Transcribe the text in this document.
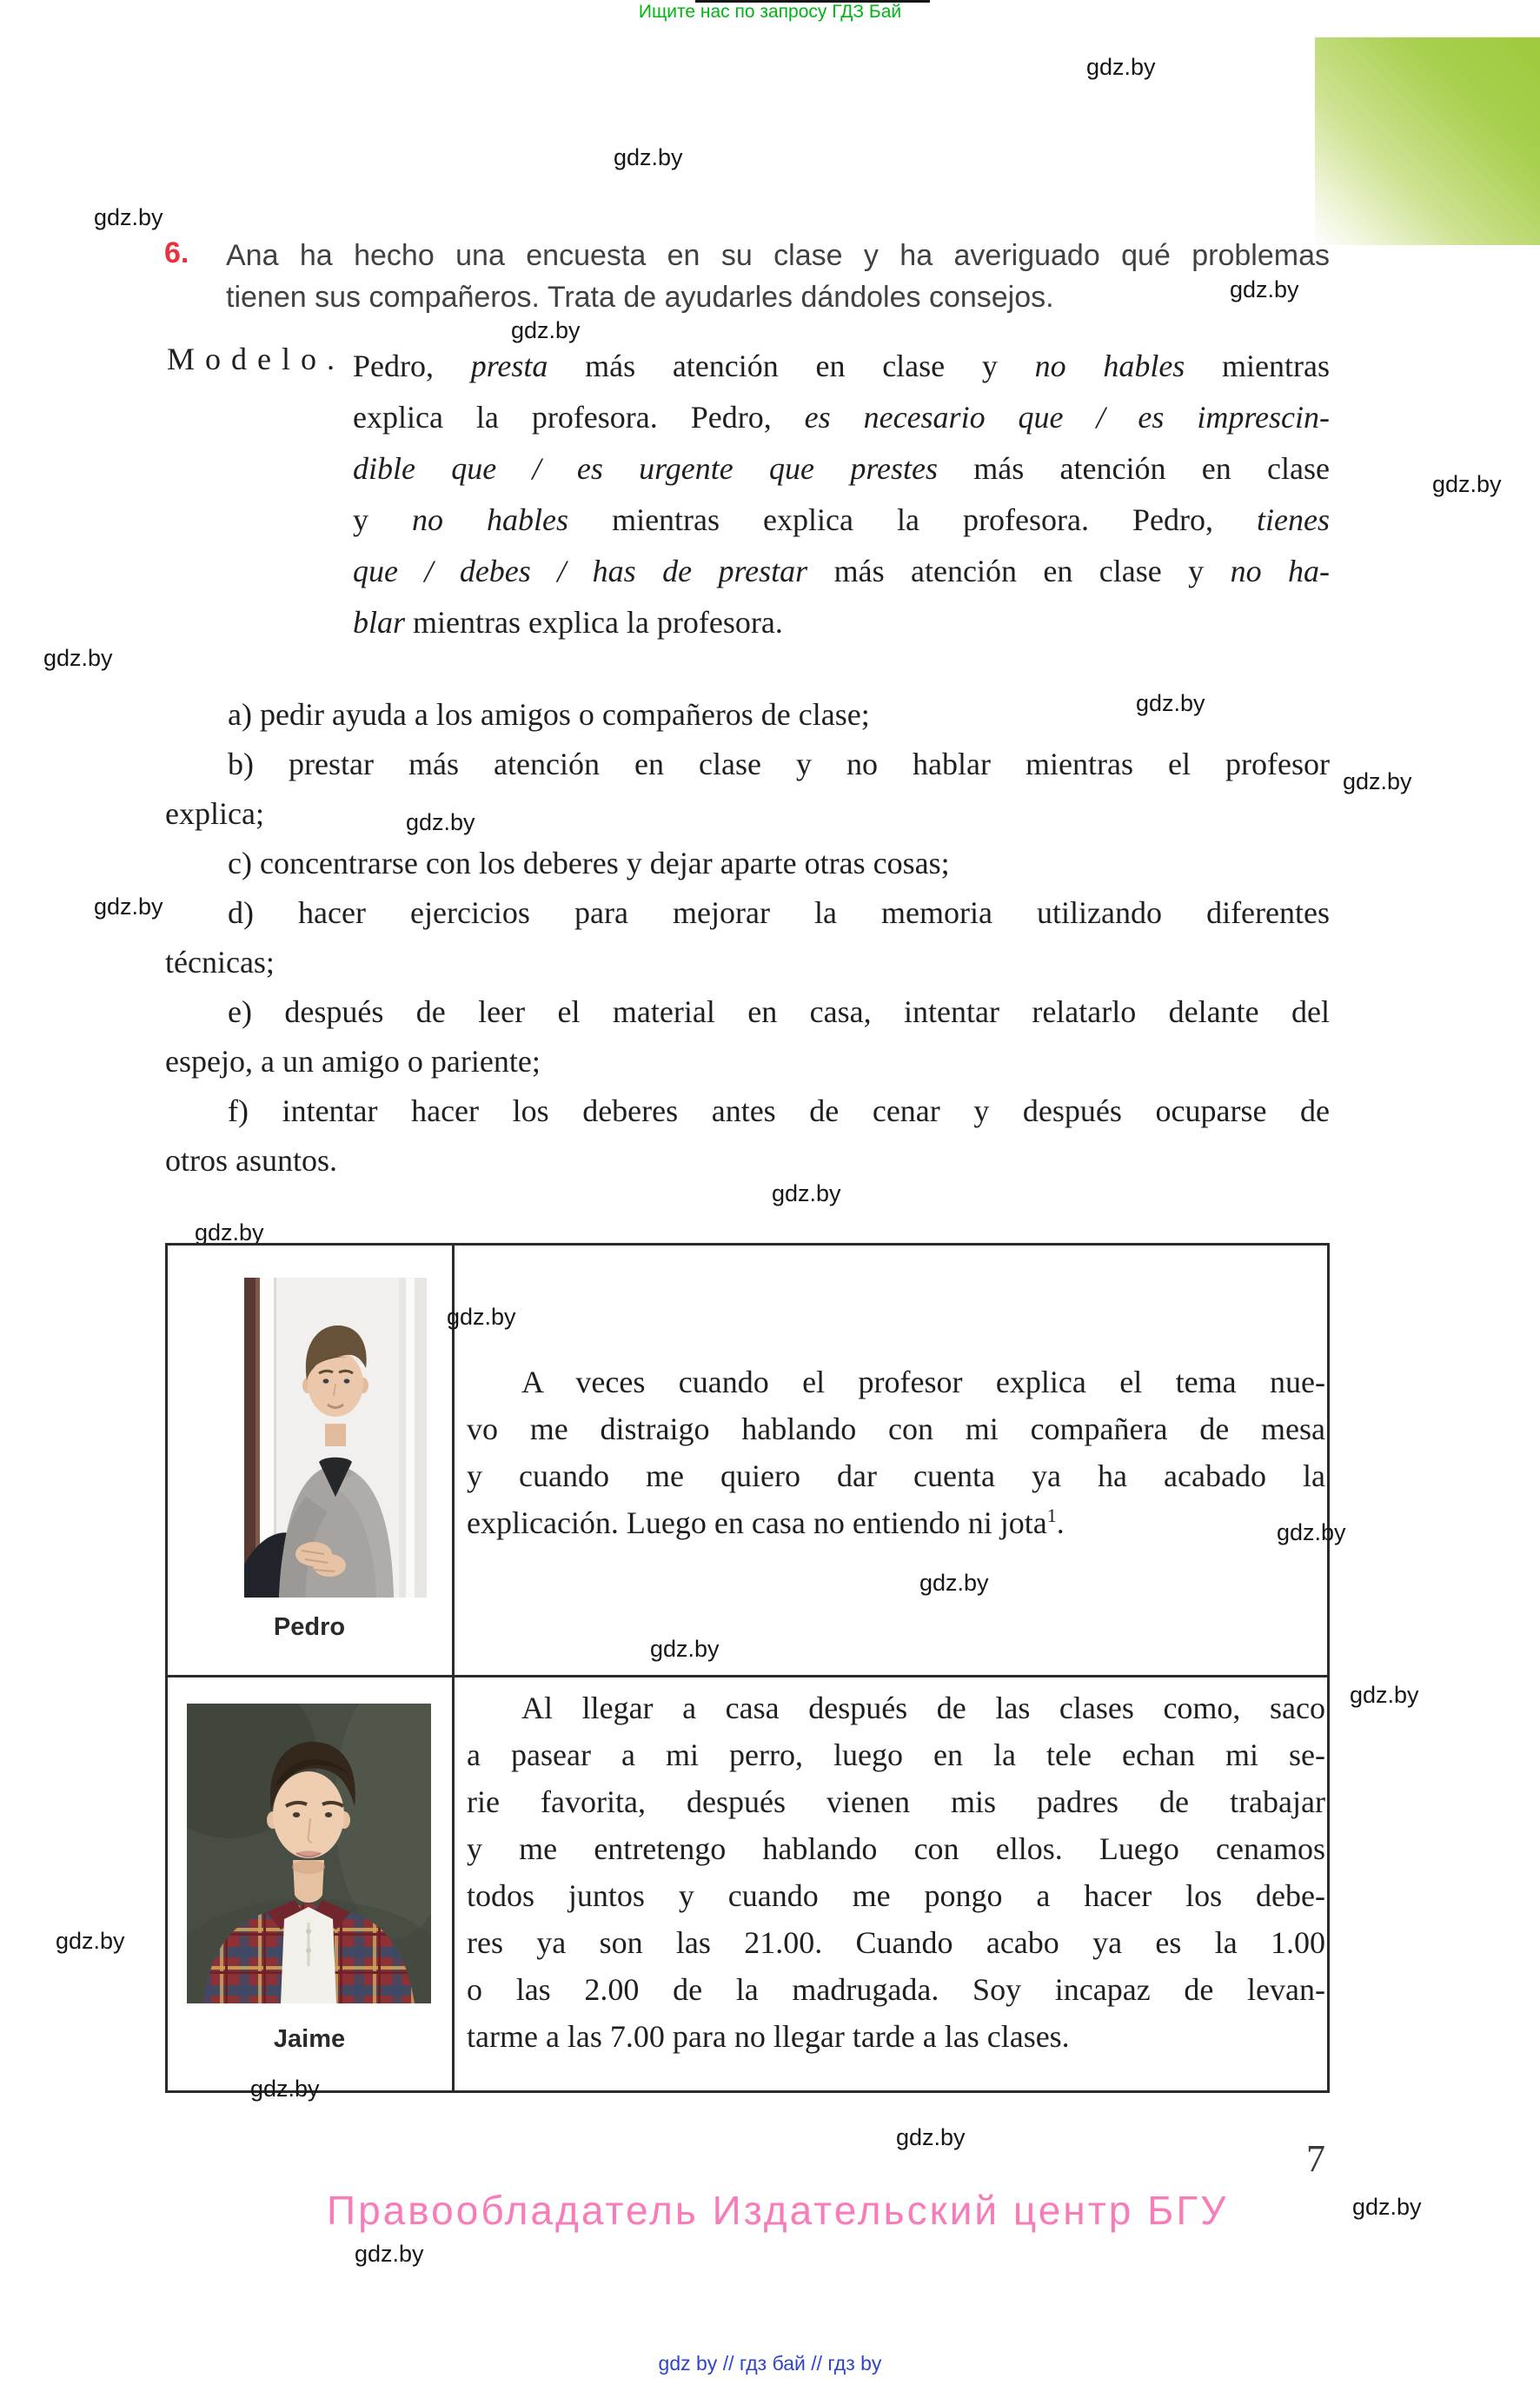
Ищите нас по запросу ГДЗ Бай
gdz.by
gdz.by
gdz.by
gdz.by
gdz.by
gdz.by
gdz.by
gdz.by
gdz.by
gdz.by
gdz.by
gdz.by
gdz.by
gdz.by
gdz.by
gdz.by
gdz.by
gdz.by
gdz.by
gdz.by
gdz.by
gdz.by
gdz.by
6. Ana ha hecho una encuesta en su clase y ha averiguado qué problemas
tienen sus compañeros. Trata de ayudarles dándoles consejos.
Modelo. Pedro, presta más atención en clase y no hables mientras
explica la profesora. Pedro, es necesario que / es imprescin-
dible que / es urgente que prestes más atención en clase
y no hables mientras explica la profesora. Pedro, tienes
que / debes / has de prestar más atención en clase y no ha-
blar mientras explica la profesora.
a) pedir ayuda a los amigos o compañeros de clase;
b) prestar más atención en clase y no hablar mientras el profesor
explica;
c) concentrarse con los deberes y dejar aparte otras cosas;
d) hacer ejercicios para mejorar la memoria utilizando diferentes
técnicas;
e) después de leer el material en casa, intentar relatarlo delante del
espejo, a un amigo o pariente;
f) intentar hacer los deberes antes de cenar y después ocuparse de
otros asuntos.
Pedro
A veces cuando el profesor explica el tema nue-
vo me distraigo hablando con mi compañera de mesa
y cuando me quiero dar cuenta ya ha acabado la
explicación. Luego en casa no entiendo ni jota$^1$.
Jaime
Al llegar a casa después de las clases como, saco
a pasear a mi perro, luego en la tele echan mi se-
rie favorita, después vienen mis padres de trabajar
y me entretengo hablando con ellos. Luego cenamos
todos juntos y cuando me pongo a hacer los debe-
res ya son las 21.00. Cuando acabo ya es la 1.00
o las 2.00 de la madrugada. Soy incapaz de levan-
tarme a las 7.00 para no llegar tarde a las clases.
7
Правообладатель Издательский центр БГУ
gdz by // гдз бай // гдз by
